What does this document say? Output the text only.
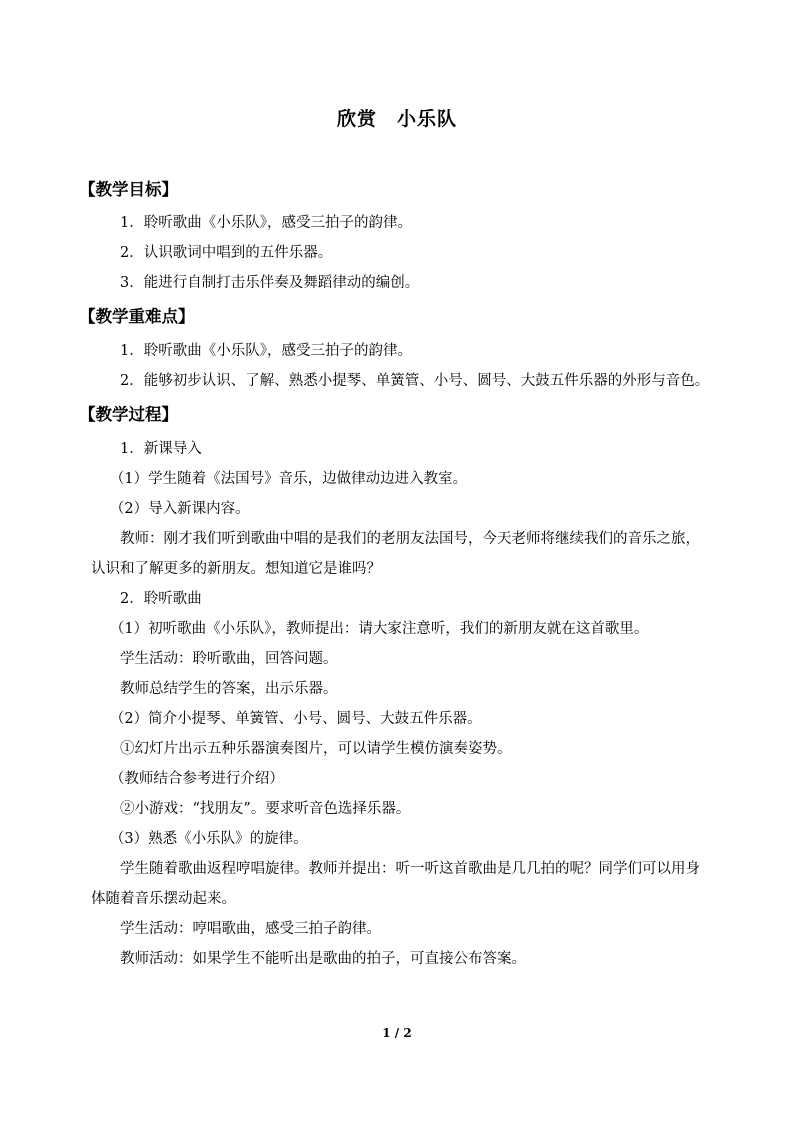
欣赏　小乐队
【教学目标】

1．聆听歌曲《小乐队》，感受三拍子的韵律。

2．认识歌词中唱到的五件乐器。

3．能进行自制打击乐伴奏及舞蹈律动的编创。

【教学重难点】

1．聆听歌曲《小乐队》，感受三拍子的韵律。

2．能够初步认识、了解、熟悉小提琴、单簧管、小号、圆号、大鼓五件乐器的外形与音色。

【教学过程】

1．新课导入

（1）学生随着《法国号》音乐，边做律动边进入教室。

（2）导入新课内容。

教师：刚才我们听到歌曲中唱的是我们的老朋友法国号，今天老师将继续我们的音乐之旅，认识和了解更多的新朋友。想知道它是谁吗？

2．聆听歌曲

（1）初听歌曲《小乐队》，教师提出：请大家注意听，我们的新朋友就在这首歌里。

学生活动：聆听歌曲，回答问题。

教师总结学生的答案，出示乐器。

（2）简介小提琴、单簧管、小号、圆号、大鼓五件乐器。

①幻灯片出示五种乐器演奏图片，可以请学生模仿演奏姿势。

（教师结合参考进行介绍）

②小游戏：“找朋友”。要求听音色选择乐器。

（3）熟悉《小乐队》的旋律。

学生随着歌曲返程哼唱旋律。教师并提出：听一听这首歌曲是几几拍的呢？同学们可以用身体随着音乐摆动起来。

学生活动：哼唱歌曲，感受三拍子韵律。

教师活动：如果学生不能听出是歌曲的拍子，可直接公布答案。

1 / 2
